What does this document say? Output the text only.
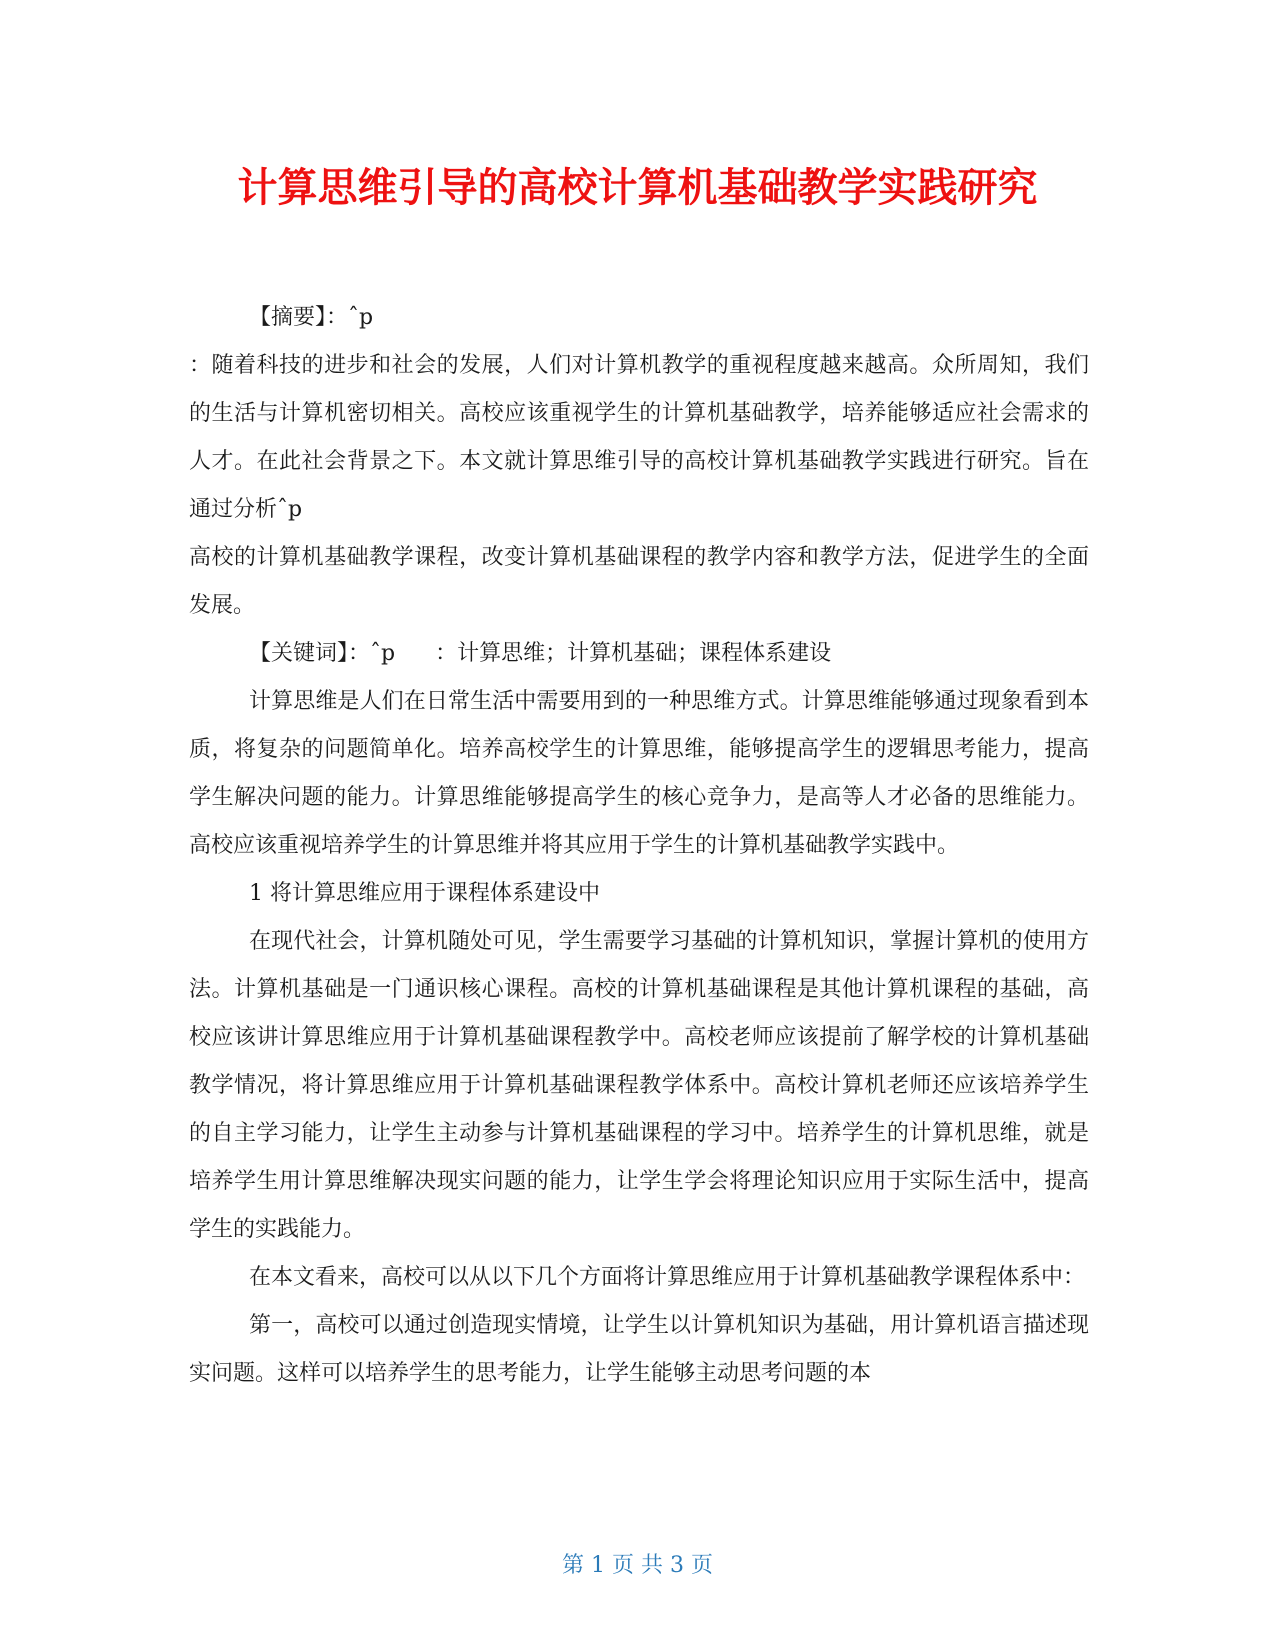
计算思维引导的高校计算机基础教学实践研究

【摘要】：ˆp

：随着科技的进步和社会的发展，人们对计算机教学的重视程度越来越高。众所周知，我们的生活与计算机密切相关。高校应该重视学生的计算机基础教学，培养能够适应社会需求的人才。在此社会背景之下。本文就计算思维引导的高校计算机基础教学实践进行研究。旨在通过分析ˆp

高校的计算机基础教学课程，改变计算机基础课程的教学内容和教学方法，促进学生的全面发展。

【关键词】：ˆp ：计算思维；计算机基础；课程体系建设

计算思维是人们在日常生活中需要用到的一种思维方式。计算思维能够通过现象看到本质，将复杂的问题简单化。培养高校学生的计算思维，能够提高学生的逻辑思考能力，提高学生解决问题的能力。计算思维能够提高学生的核心竞争力，是高等人才必备的思维能力。高校应该重视培养学生的计算思维并将其应用于学生的计算机基础教学实践中。

1 将计算思维应用于课程体系建设中

在现代社会，计算机随处可见，学生需要学习基础的计算机知识，掌握计算机的使用方法。计算机基础是一门通识核心课程。高校的计算机基础课程是其他计算机课程的基础，高校应该讲计算思维应用于计算机基础课程教学中。高校老师应该提前了解学校的计算机基础教学情况，将计算思维应用于计算机基础课程教学体系中。高校计算机老师还应该培养学生的自主学习能力，让学生主动参与计算机基础课程的学习中。培养学生的计算机思维，就是培养学生用计算思维解决现实问题的能力，让学生学会将理论知识应用于实际生活中，提高学生的实践能力。

在本文看来，高校可以从以下几个方面将计算思维应用于计算机基础教学课程体系中：

第一，高校可以通过创造现实情境，让学生以计算机知识为基础，用计算机语言描述现实问题。这样可以培养学生的思考能力，让学生能够主动思考问题的本

第 1 页 共 3 页
